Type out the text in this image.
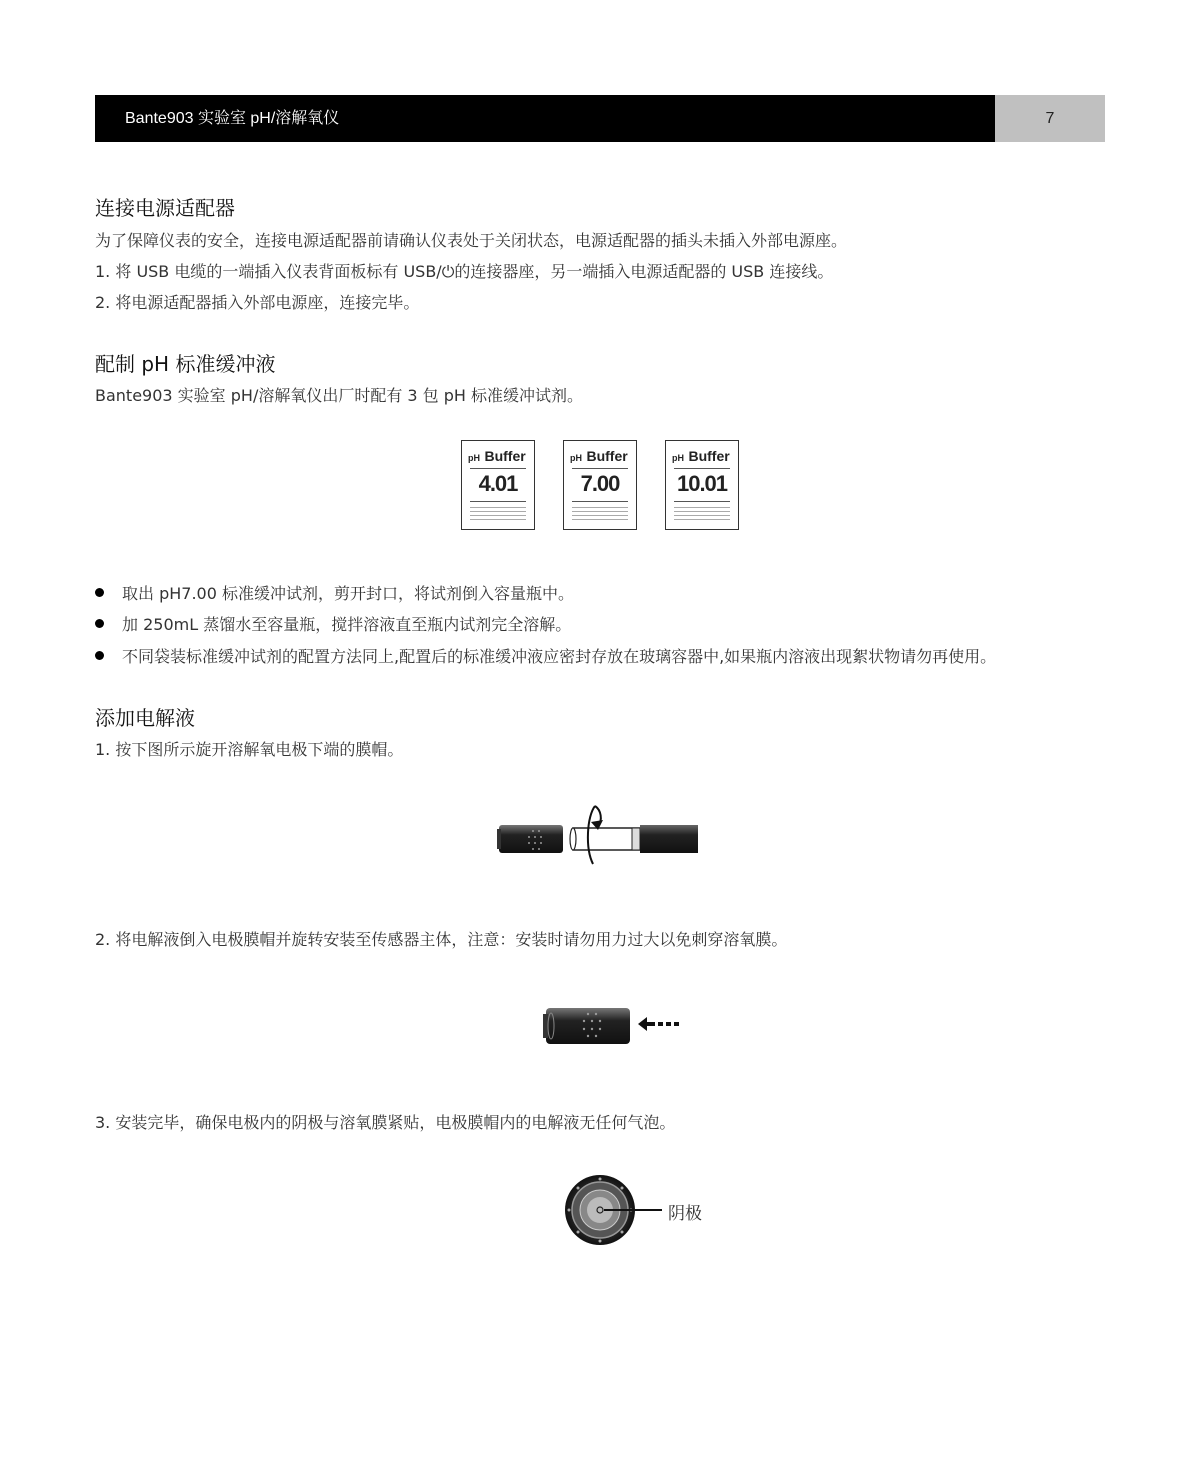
Bante903 实验室 pH/溶解氧仪	7
连接电源适配器
为了保障仪表的安全，连接电源适配器前请确认仪表处于关闭状态，电源适配器的插头未插入外部电源座。
1. 将 USB 电缆的一端插入仪表背面板标有 USB/⏻的连接器座，另一端插入电源适配器的 USB 连接线。
2. 将电源适配器插入外部电源座，连接完毕。
配制 pH 标准缓冲液
Bante903 实验室 pH/溶解氧仪出厂时配有 3 包 pH 标准缓冲试剂。
pH Buffer
4.01
pH Buffer
7.00
pH Buffer
10.01
取出 pH7.00 标准缓冲试剂，剪开封口，将试剂倒入容量瓶中。
加 250mL 蒸馏水至容量瓶，搅拌溶液直至瓶内试剂完全溶解。
不同袋装标准缓冲试剂的配置方法同上,配置后的标准缓冲液应密封存放在玻璃容器中,如果瓶内溶液出现絮状物请勿再使用。
添加电解液
1. 按下图所示旋开溶解氧电极下端的膜帽。
2. 将电解液倒入电极膜帽并旋转安装至传感器主体，注意：安装时请勿用力过大以免刺穿溶氧膜。
3. 安装完毕，确保电极内的阴极与溶氧膜紧贴，电极膜帽内的电解液无任何气泡。
阴极
